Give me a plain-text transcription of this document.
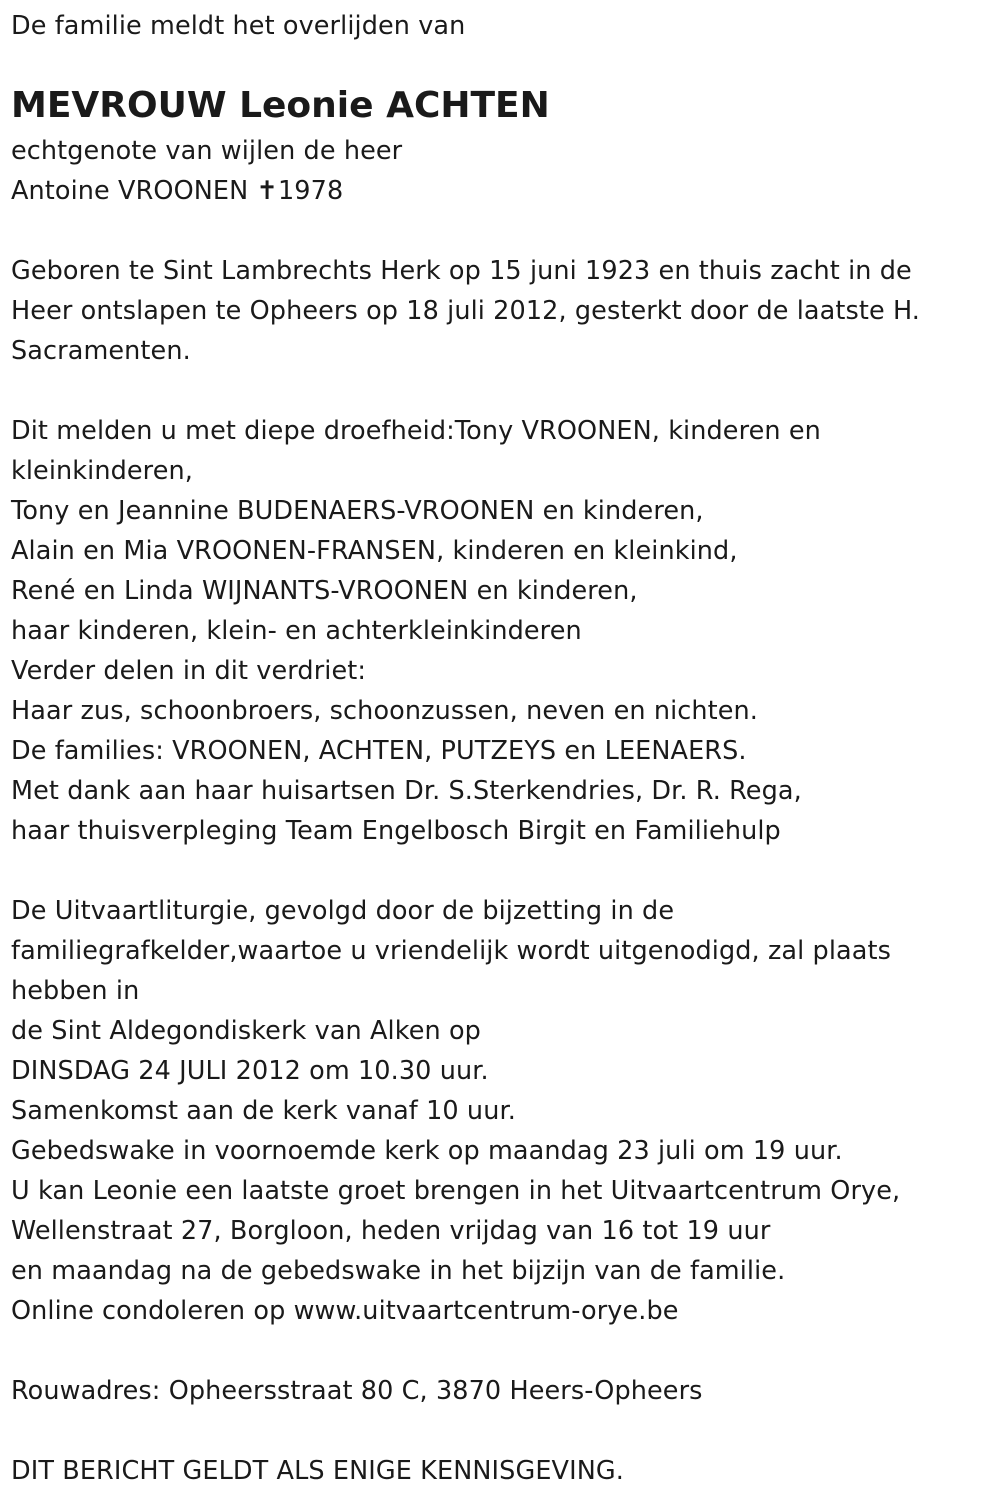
De familie meldt het overlijden van
MEVROUW Leonie ACHTEN
echtgenote van wijlen de heer
Antoine VROONEN ✝1978
Geboren te Sint Lambrechts Herk op 15 juni 1923 en thuis zacht in de
Heer ontslapen te Opheers op 18 juli 2012, gesterkt door de laatste H.
Sacramenten.
Dit melden u met diepe droefheid:Tony VROONEN, kinderen en
kleinkinderen,
Tony en Jeannine BUDENAERS-VROONEN en kinderen,
Alain en Mia VROONEN-FRANSEN, kinderen en kleinkind,
René en Linda WIJNANTS-VROONEN en kinderen,
haar kinderen, klein- en achterkleinkinderen
Verder delen in dit verdriet:
Haar zus, schoonbroers, schoonzussen, neven en nichten.
De families: VROONEN, ACHTEN, PUTZEYS en LEENAERS.
Met dank aan haar huisartsen Dr. S.Sterkendries, Dr. R. Rega,
haar thuisverpleging Team Engelbosch Birgit en Familiehulp
De Uitvaartliturgie, gevolgd door de bijzetting in de
familiegrafkelder,waartoe u vriendelijk wordt uitgenodigd, zal plaats
hebben in
de Sint Aldegondiskerk van Alken op
DINSDAG 24 JULI 2012 om 10.30 uur.
Samenkomst aan de kerk vanaf 10 uur.
Gebedswake in voornoemde kerk op maandag 23 juli om 19 uur.
U kan Leonie een laatste groet brengen in het Uitvaartcentrum Orye,
Wellenstraat 27, Borgloon, heden vrijdag van 16 tot 19 uur
en maandag na de gebedswake in het bijzijn van de familie.
Online condoleren op www.uitvaartcentrum-orye.be
Rouwadres: Opheersstraat 80 C, 3870 Heers-Opheers
DIT BERICHT GELDT ALS ENIGE KENNISGEVING.
